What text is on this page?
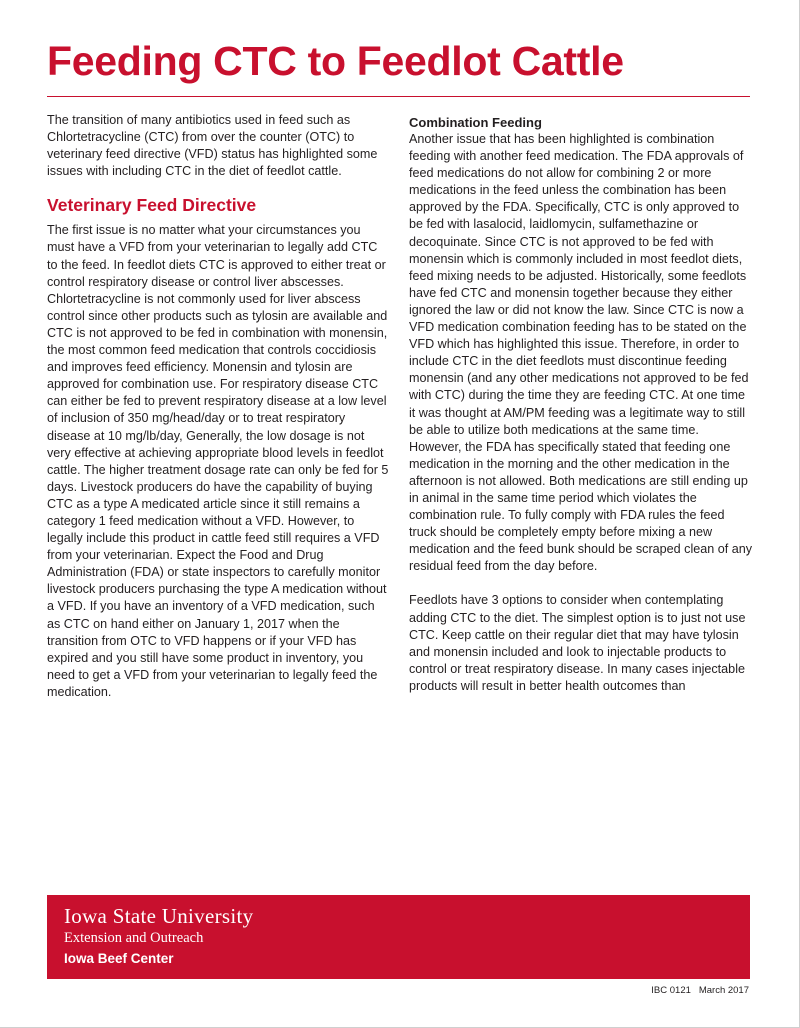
Feeding CTC to Feedlot Cattle

The transition of many antibiotics used in feed such as Chlortetracycline (CTC) from over the counter (OTC) to veterinary feed directive (VFD) status has highlighted some issues with including CTC in the diet of feedlot cattle.

Veterinary Feed Directive

The first issue is no matter what your circumstances you must have a VFD from your veterinarian to legally add CTC to the feed. In feedlot diets CTC is approved to either treat or control respiratory disease or control liver abscesses. Chlortetracycline is not commonly used for liver abscess control since other products such as tylosin are available and CTC is not approved to be fed in combination with monensin, the most common feed medication that controls coccidiosis and improves feed efficiency. Monensin and tylosin are approved for combination use. For respiratory disease CTC can either be fed to prevent respiratory disease at a low level of inclusion of 350 mg/head/day or to treat respiratory disease at 10 mg/lb/day, Generally, the low dosage is not very effective at achieving appropriate blood levels in feedlot cattle. The higher treatment dosage rate can only be fed for 5 days. Livestock producers do have the capability of buying CTC as a type A medicated article since it still remains a category 1 feed medication without a VFD. However, to legally include this product in cattle feed still requires a VFD from your veterinarian. Expect the Food and Drug Administration (FDA) or state inspectors to carefully monitor livestock producers purchasing the type A medication without a VFD. If you have an inventory of a VFD medication, such as CTC on hand either on January 1, 2017 when the transition from OTC to VFD happens or if your VFD has expired and you still have some product in inventory, you need to get a VFD from your veterinarian to legally feed the medication.

Combination Feeding

Another issue that has been highlighted is combination feeding with another feed medication. The FDA approvals of feed medications do not allow for combining 2 or more medications in the feed unless the combination has been approved by the FDA. Specifically, CTC is only approved to be fed with lasalocid, laidlomycin, sulfamethazine or decoquinate. Since CTC is not approved to be fed with monensin which is commonly included in most feedlot diets, feed mixing needs to be adjusted. Historically, some feedlots have fed CTC and monensin together because they either ignored the law or did not know the law. Since CTC is now a VFD medication combination feeding has to be stated on the VFD which has highlighted this issue. Therefore, in order to include CTC in the diet feedlots must discontinue feeding monensin (and any other medications not approved to be fed with CTC) during the time they are feeding CTC. At one time it was thought at AM/PM feeding was a legitimate way to still be able to utilize both medications at the same time. However, the FDA has specifically stated that feeding one medication in the morning and the other medication in the afternoon is not allowed. Both medications are still ending up in animal in the same time period which violates the combination rule. To fully comply with FDA rules the feed truck should be completely empty before mixing a new medication and the feed bunk should be scraped clean of any residual feed from the day before.

Feedlots have 3 options to consider when contemplating adding CTC to the diet. The simplest option is to just not use CTC. Keep cattle on their regular diet that may have tylosin and monensin included and look to injectable products to control or treat respiratory disease. In many cases injectable products will result in better health outcomes than

Iowa State University
Extension and Outreach
Iowa Beef Center
IBC 0121 March 2017
